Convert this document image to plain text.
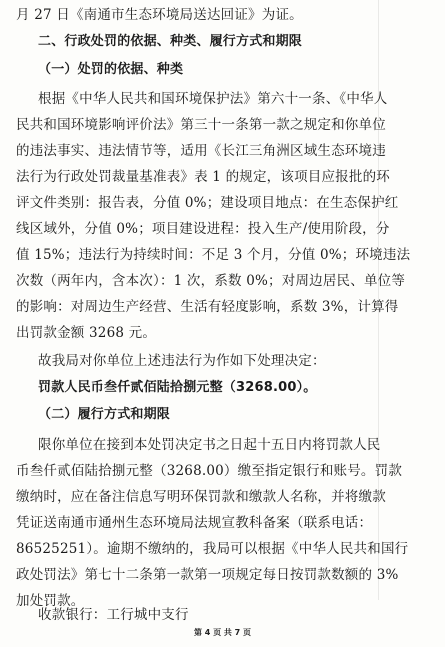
月 27 日《南通市生态环境局送达回证》为证。
二、行政处罚的依据、种类、履行方式和期限
（一）处罚的依据、种类
根据《中华人民共和国环境保护法》第六十一条、《中华人
民共和国环境影响评价法》第三十一条第一款之规定和你单位
的违法事实、违法情节等，适用《长江三角洲区域生态环境违
法行为行政处罚裁量基准表》表 1 的规定，该项目应报批的环
评文件类别：报告表，分值 0%；建设项目地点：在生态保护红
线区域外，分值 0%；项目建设进程：投入生产/使用阶段，分
值 15%；违法行为持续时间：不足 3 个月，分值 0%；环境违法
次数（两年内，含本次）：1 次，系数 0%；对周边居民、单位等
的影响：对周边生产经营、生活有轻度影响，系数 3%，计算得
出罚款金额 3268 元。
故我局对你单位上述违法行为作如下处理决定：
罚款人民币叁仟贰佰陆拾捌元整（3268.00）。
（二）履行方式和期限
限你单位在接到本处罚决定书之日起十五日内将罚款人民
币叁仟贰佰陆拾捌元整（3268.00）缴至指定银行和账号。罚款
缴纳时，应在备注信息写明环保罚款和缴款人名称，并将缴款
凭证送南通市通州生态环境局法规宣教科备案（联系电话：
86525251）。逾期不缴纳的，我局可以根据《中华人民共和国行
政处罚法》第七十二条第一款第一项规定每日按罚款数额的 3%
加处罚款。
第 4 页 共 7 页
收款银行：工行城中支行
